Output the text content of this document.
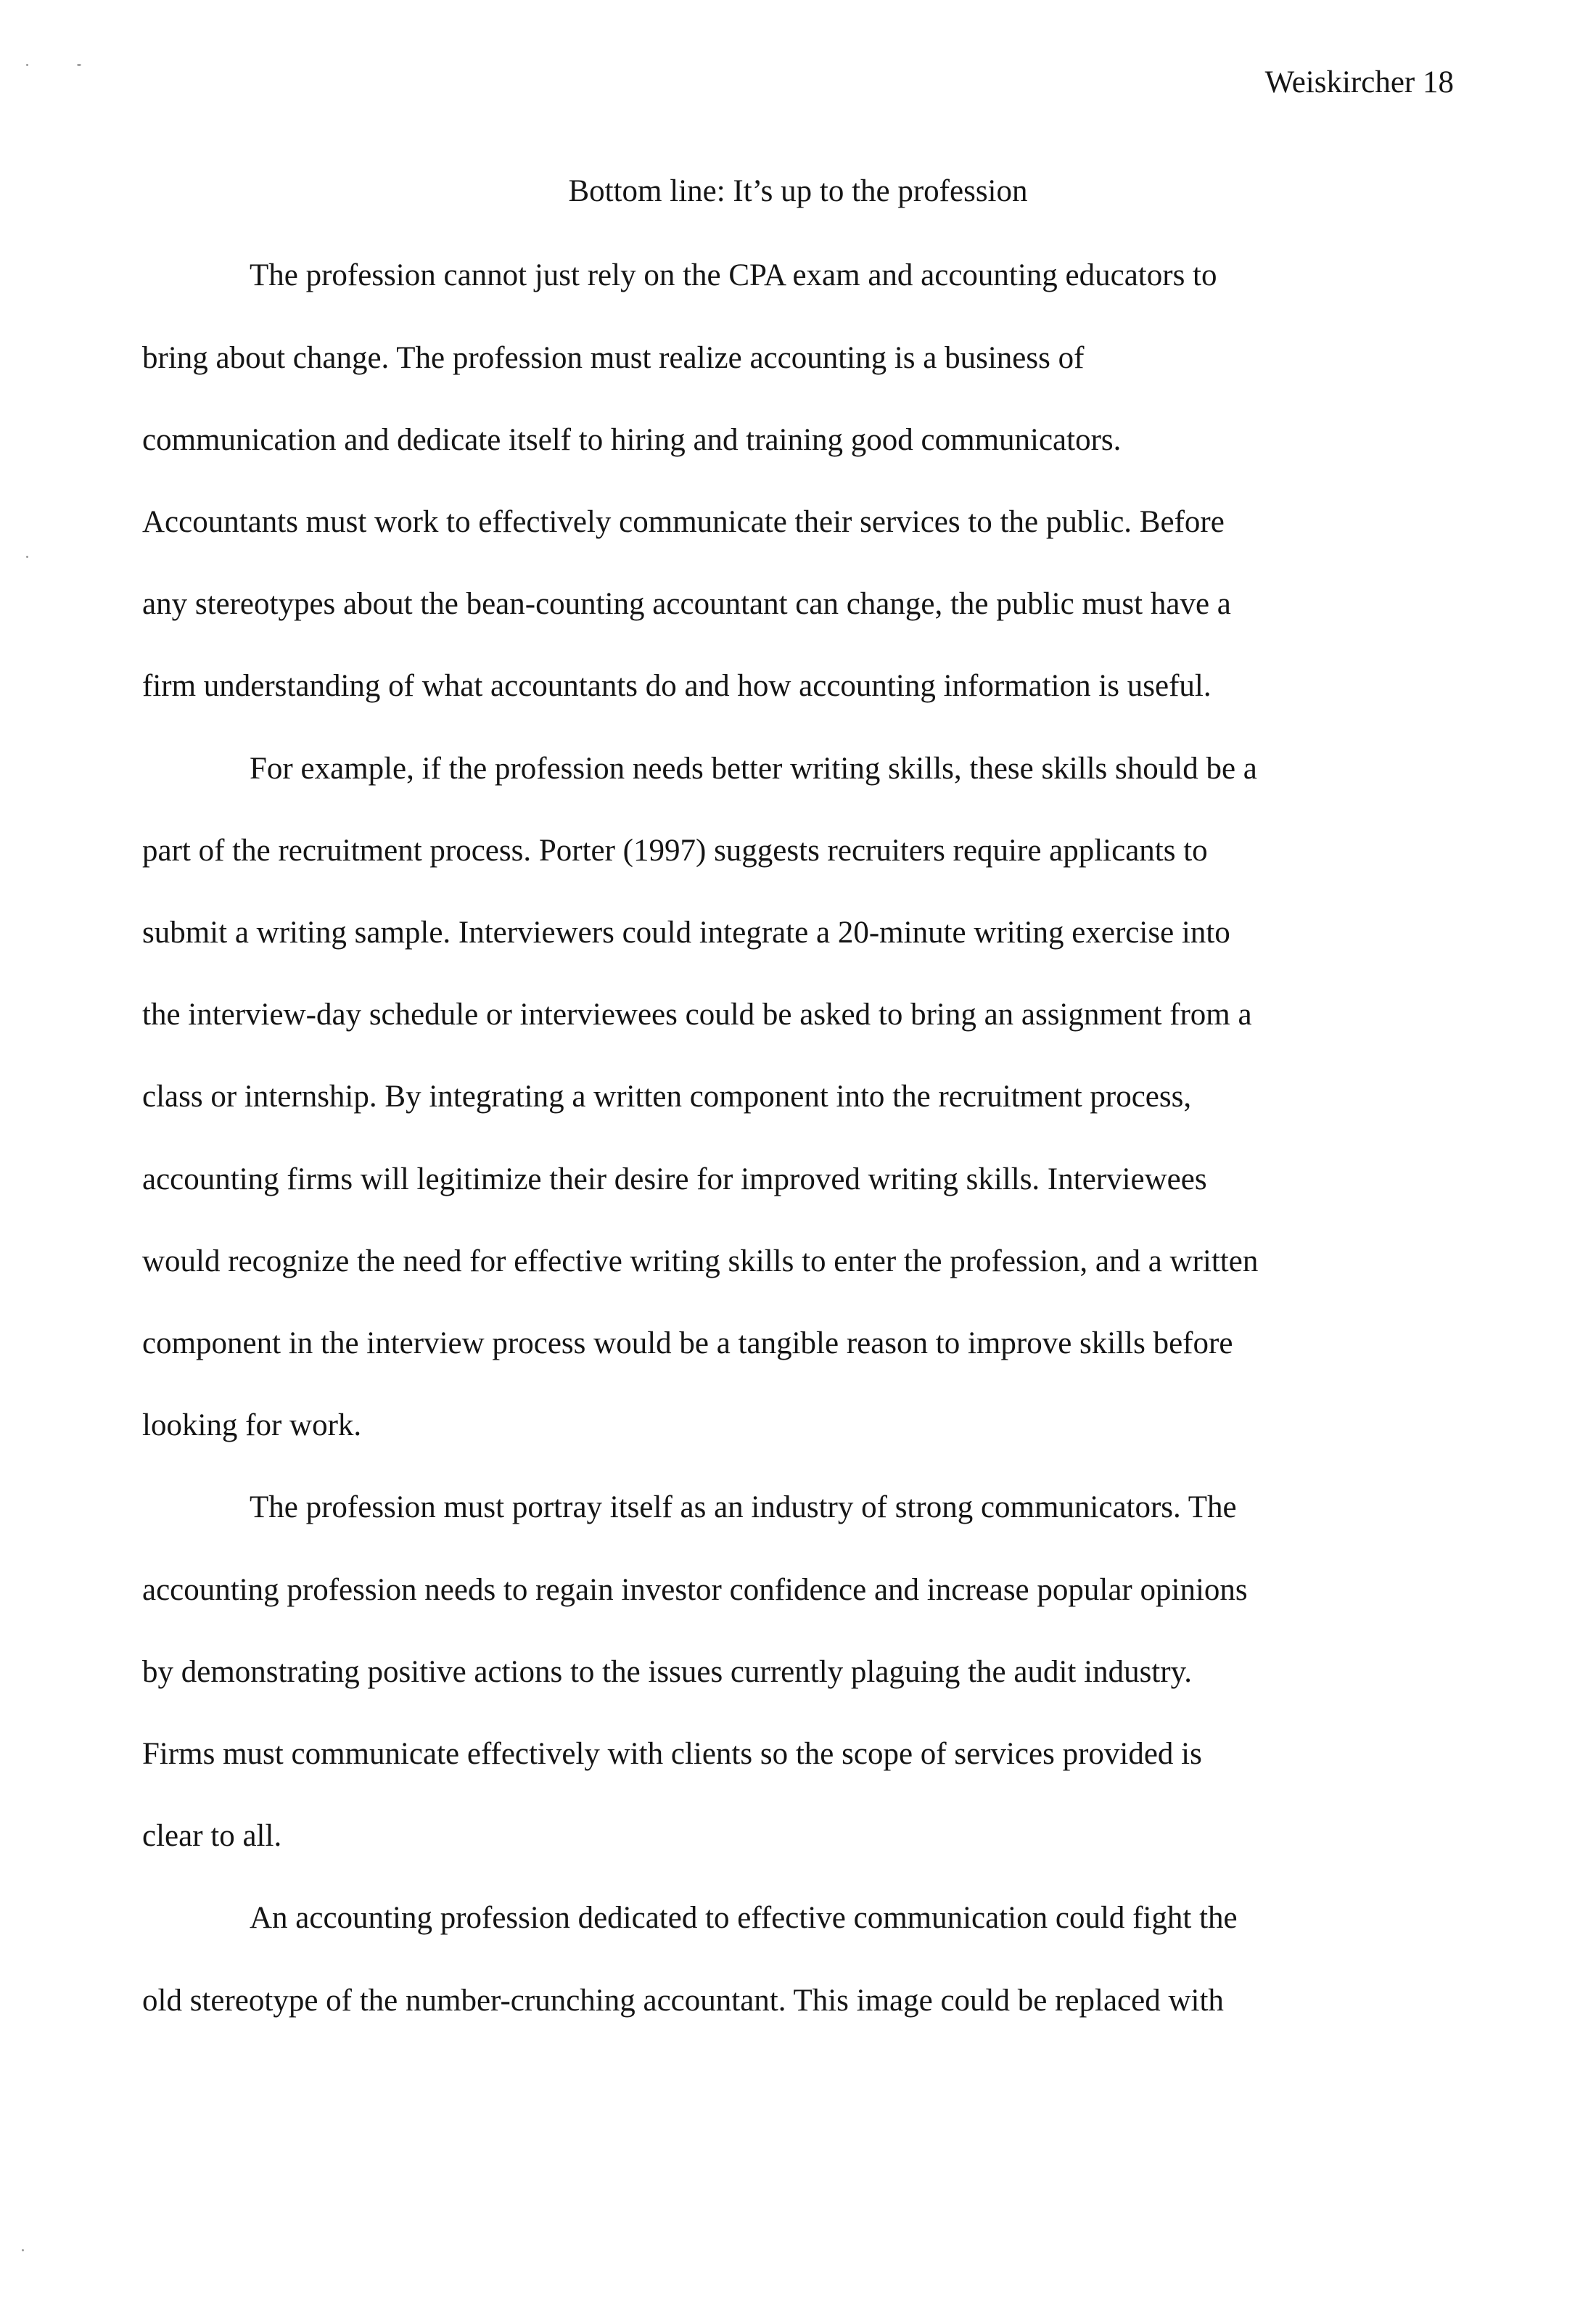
Weiskircher 18
Bottom line: It’s up to the profession
The profession cannot just rely on the CPA exam and accounting educators to
bring about change. The profession must realize accounting is a business of
communication and dedicate itself to hiring and training good communicators.
Accountants must work to effectively communicate their services to the public. Before
any stereotypes about the bean-counting accountant can change, the public must have a
firm understanding of what accountants do and how accounting information is useful.
For example, if the profession needs better writing skills, these skills should be a
part of the recruitment process. Porter (1997) suggests recruiters require applicants to
submit a writing sample. Interviewers could integrate a 20-minute writing exercise into
the interview-day schedule or interviewees could be asked to bring an assignment from a
class or internship. By integrating a written component into the recruitment process,
accounting firms will legitimize their desire for improved writing skills. Interviewees
would recognize the need for effective writing skills to enter the profession, and a written
component in the interview process would be a tangible reason to improve skills before
looking for work.
The profession must portray itself as an industry of strong communicators. The
accounting profession needs to regain investor confidence and increase popular opinions
by demonstrating positive actions to the issues currently plaguing the audit industry.
Firms must communicate effectively with clients so the scope of services provided is
clear to all.
An accounting profession dedicated to effective communication could fight the
old stereotype of the number-crunching accountant. This image could be replaced with
